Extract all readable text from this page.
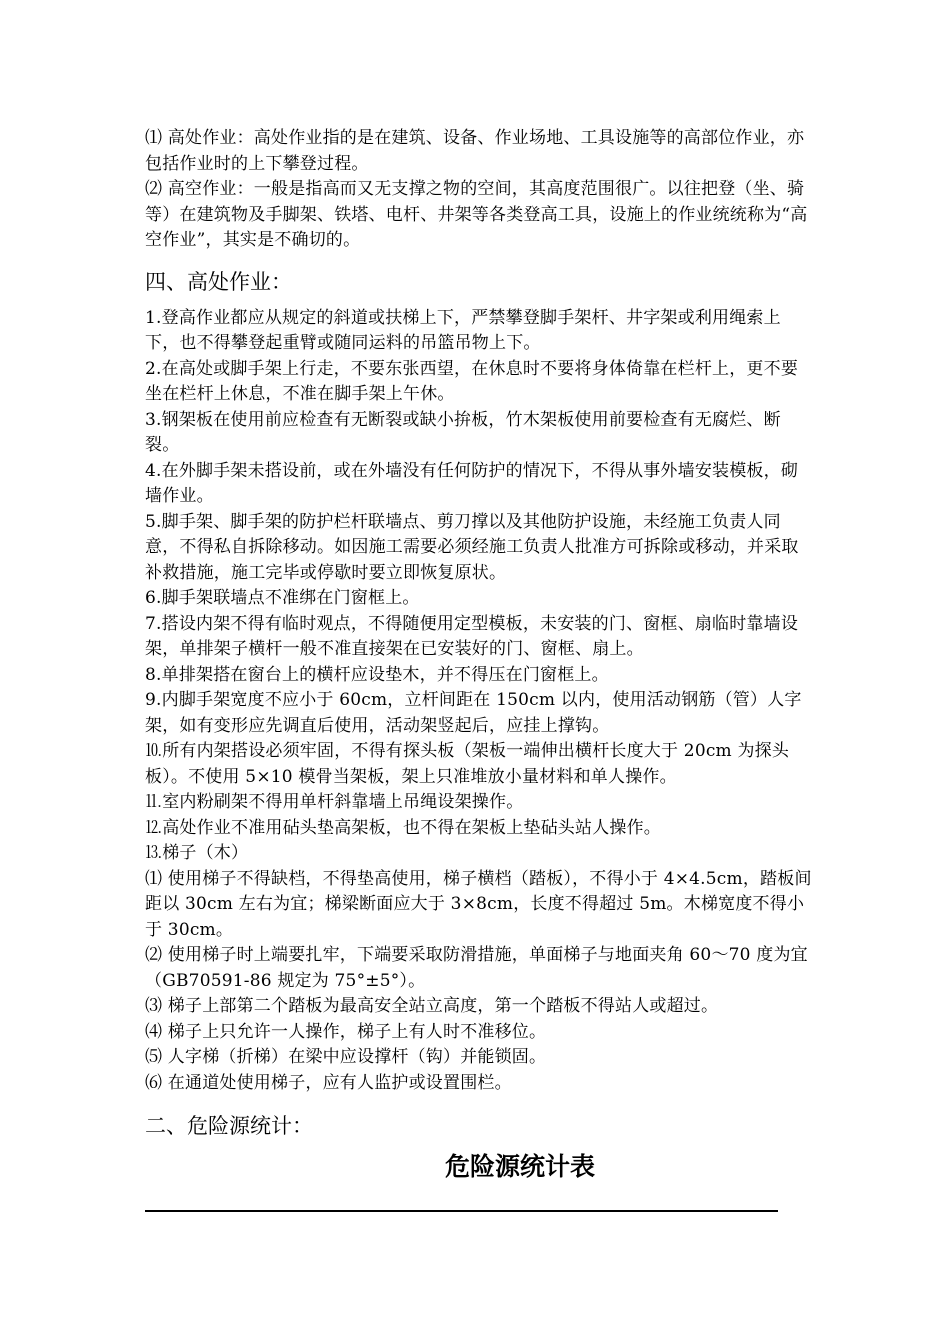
⑴ 高处作业：高处作业指的是在建筑、设备、作业场地、工具设施等的高部位作业，亦包括作业时的上下攀登过程。

⑵ 高空作业：一般是指高而又无支撑之物的空间，其高度范围很广。以往把登（坐、骑等）在建筑物及手脚架、铁塔、电杆、井架等各类登高工具，设施上的作业统统称为“高空作业”，其实是不确切的。

四、高处作业：

1.登高作业都应从规定的斜道或扶梯上下，严禁攀登脚手架杆、井字架或利用绳索上下，也不得攀登起重臂或随同运料的吊篮吊物上下。

2.在高处或脚手架上行走，不要东张西望，在休息时不要将身体倚靠在栏杆上，更不要坐在栏杆上休息，不准在脚手架上午休。

3.钢架板在使用前应检查有无断裂或缺小拚板，竹木架板使用前要检查有无腐烂、断裂。

4.在外脚手架未搭设前，或在外墙没有任何防护的情况下，不得从事外墙安装模板，砌墙作业。

5.脚手架、脚手架的防护栏杆联墙点、剪刀撑以及其他防护设施，未经施工负责人同意，不得私自拆除移动。如因施工需要必须经施工负责人批准方可拆除或移动，并采取补救措施，施工完毕或停歇时要立即恢复原状。

6.脚手架联墙点不准绑在门窗框上。

7.搭设内架不得有临时观点，不得随便用定型模板，未安装的门、窗框、扇临时靠墙设架，单排架子横杆一般不准直接架在已安装好的门、窗框、扇上。

8.单排架搭在窗台上的横杆应设垫木，并不得压在门窗框上。

9.内脚手架宽度不应小于 60cm，立杆间距在 150cm 以内，使用活动钢筋（管）人字架，如有变形应先调直后使用，活动架竖起后，应挂上撑钩。

⒑所有内架搭设必须牢固，不得有探头板（架板一端伸出横杆长度大于 20cm 为探头板）。不使用 5×10 模骨当架板，架上只准堆放小量材料和单人操作。

⒒室内粉刷架不得用单杆斜靠墙上吊绳设架操作。

⒓高处作业不准用砧头垫高架板，也不得在架板上垫砧头站人操作。

⒔梯子（木）

⑴ 使用梯子不得缺档，不得垫高使用，梯子横档（踏板），不得小于 4×4.5cm，踏板间距以 30cm 左右为宜；梯梁断面应大于 3×8cm，长度不得超过 5m。木梯宽度不得小于 30cm。

⑵ 使用梯子时上端要扎牢，下端要采取防滑措施，单面梯子与地面夹角 60～70 度为宜（GB70591-86 规定为 75°±5°）。

⑶ 梯子上部第二个踏板为最高安全站立高度，第一个踏板不得站人或超过。

⑷ 梯子上只允许一人操作，梯子上有人时不准移位。

⑸ 人字梯（折梯）在梁中应设撑杆（钩）并能锁固。

⑹ 在通道处使用梯子，应有人监护或设置围栏。

二、危险源统计：
危险源统计表
